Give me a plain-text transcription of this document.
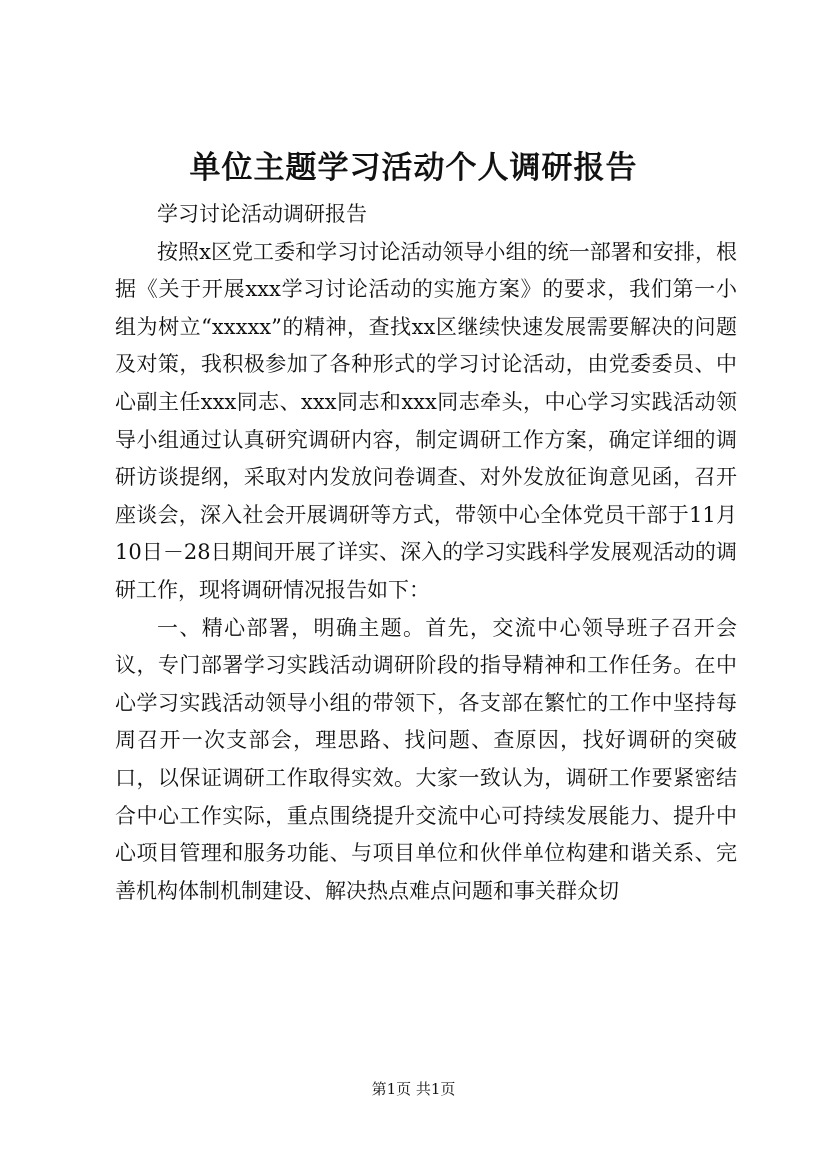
单位主题学习活动个人调研报告

学习讨论活动调研报告

按照x区党工委和学习讨论活动领导小组的统一部署和安排，根据《关于开展xxx学习讨论活动的实施方案》的要求，我们第一小组为树立“xxxxx”的精神，查找xx区继续快速发展需要解决的问题及对策，我积极参加了各种形式的学习讨论活动，由党委委员、中心副主任xxx同志、xxx同志和xxx同志牵头，中心学习实践活动领导小组通过认真研究调研内容，制定调研工作方案，确定详细的调研访谈提纲，采取对内发放问卷调查、对外发放征询意见函，召开座谈会，深入社会开展调研等方式，带领中心全体党员干部于11月10日－28日期间开展了详实、深入的学习实践科学发展观活动的调研工作，现将调研情况报告如下：

一、精心部署，明确主题。首先，交流中心领导班子召开会议，专门部署学习实践活动调研阶段的指导精神和工作任务。在中心学习实践活动领导小组的带领下，各支部在繁忙的工作中坚持每周召开一次支部会，理思路、找问题、查原因，找好调研的突破口，以保证调研工作取得实效。大家一致认为，调研工作要紧密结合中心工作实际，重点围绕提升交流中心可持续发展能力、提升中心项目管理和服务功能、与项目单位和伙伴单位构建和谐关系、完善机构体制机制建设、解决热点难点问题和事关群众切

第1页 共1页
